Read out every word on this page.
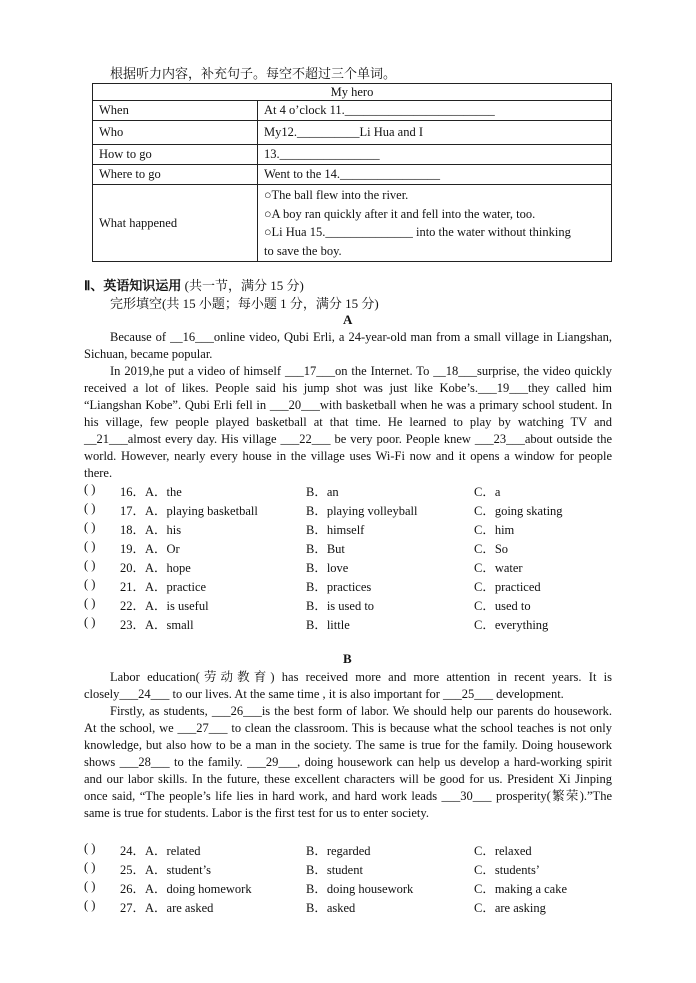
根据听力内容，补充句子。每空不超过三个单词。
My hero	
When	At 4 o’clock 11.________________________
Who	My12.__________Li Hua and I
How to go	13.________________
Where to go	Went to the 14.________________
What happened	○The ball flew into the river.
○A boy ran quickly after it and fell into the water, too.
○Li Hua 15.______________ into the water without thinking
to save the boy.
Ⅱ、英语知识运用 (共一节，满分 15 分)
完形填空(共 15 小题；每小题 1 分，满分 15 分)
A

Because of __16___online video, Qubi Erli, a 24-year-old man from a small village in Liangshan, Sichuan, became popular.

In 2019,he put a video of himself ___17___on the Internet. To __18___surprise, the video quickly received a lot of likes. People said his jump shot was just like Kobe’s.___19___they called him “Liangshan Kobe”. Qubi Erli fell in ___20___with basketball when he was a primary school student. In his village, few people played basketball at that time. He learned to play by watching TV and __21___almost every day. His village ___22___ be very poor. People knew ___23___about outside the world. However, nearly every house in the village uses Wi-Fi now and it opens a window for people there.

( ) 16．A．the	B．an	C．a
( ) 17．A．playing basketball	B．playing volleyball	C．going skating
( ) 18．A．his	B．himself	C．him
( ) 19．A．Or	B．But	C．So
( ) 20．A．hope	B．love	C．water
( ) 21．A．practice	B．practices	C．practiced
( ) 22．A．is useful	B．is used to	C．used to
( ) 23．A．small	B．little	C．everything
B

Labor education(劳动教育) has received more and more attention in recent years. It is closely___24___ to our lives. At the same time , it is also important for ___25___ development.

Firstly, as students, ___26___is the best form of labor. We should help our parents do housework. At the school, we ___27___ to clean the classroom. This is because what the school teaches is not only knowledge, but also how to be a man in the society. The same is true for the family. Doing housework shows ___28___ to the family. ___29___, doing housework can help us develop a hard-working spirit and our labor skills. In the future, these excellent characters will be good for us. President Xi Jinping once said, “The people’s life lies in hard work, and hard work leads ___30___ prosperity(繁荣).”The same is true for students. Labor is the first test for us to enter society.

( ) 24．A．related	B．regarded	C．relaxed
( ) 25．A．student’s	B．student	C．students’
( ) 26．A．doing homework	B．doing housework	C．making a cake
( ) 27．A．are asked	B．asked	C．are asking
